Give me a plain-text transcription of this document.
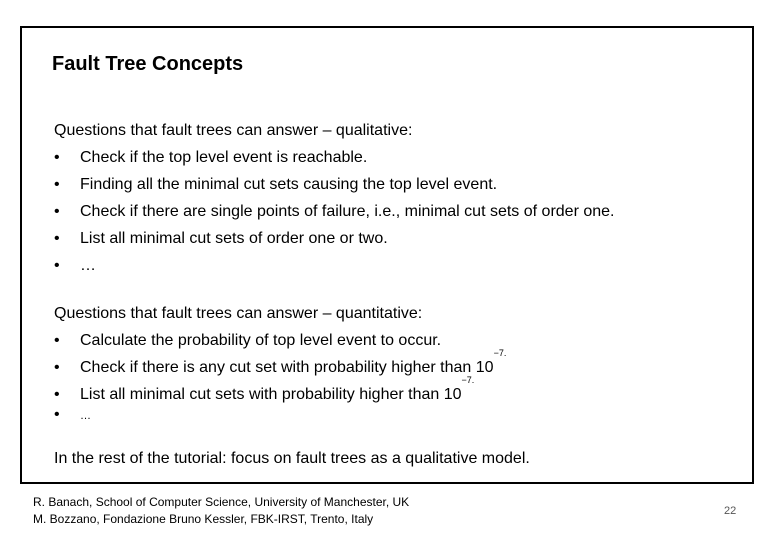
Fault Tree Concepts
Questions that fault trees can answer – qualitative:
•	Check if the top level event is reachable.
•	Finding all the minimal cut sets causing the top level event.
•	Check if there are single points of failure, i.e., minimal cut sets of order one.
•	List all minimal cut sets of order one or two.
•	…
Questions that fault trees can answer – quantitative:
•	Calculate the probability of top level event to occur.
•	Check if there is any cut set with probability higher than $10^{-7.}$
•	List all minimal cut sets with probability higher than $10^{-7.}$
•	…
In the rest of the tutorial: focus on fault trees as a qualitative model.
R. Banach, School of Computer Science, University of Manchester, UK
M. Bozzano, Fondazione Bruno Kessler, FBK-IRST, Trento, Italy
22
